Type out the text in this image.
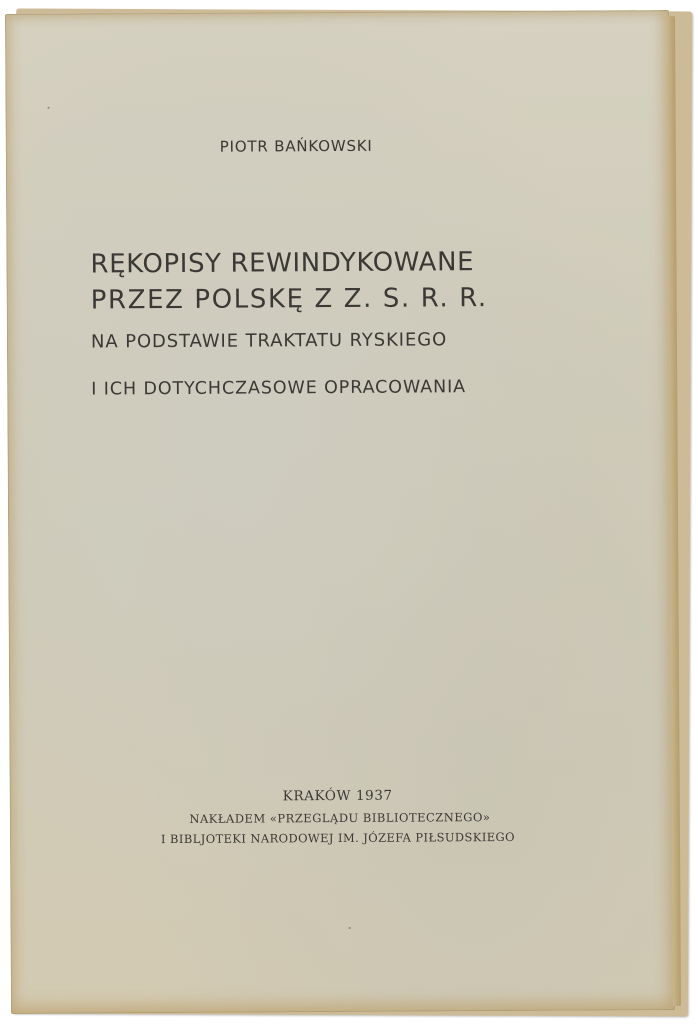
PIOTR BAŃKOWSKI
RĘKOPISY REWINDYKOWANE
PRZEZ POLSKĘ Z Z. S. R. R.
NA PODSTAWIE TRAKTATU RYSKIEGO
I ICH DOTYCHCZASOWE OPRACOWANIA
KRAKÓW 1937
NAKŁADEM «PRZEGLĄDU BIBLIOTECZNEGO»
I BIBLJOTEKI NARODOWEJ IM. JÓZEFA PIŁSUDSKIEGO
